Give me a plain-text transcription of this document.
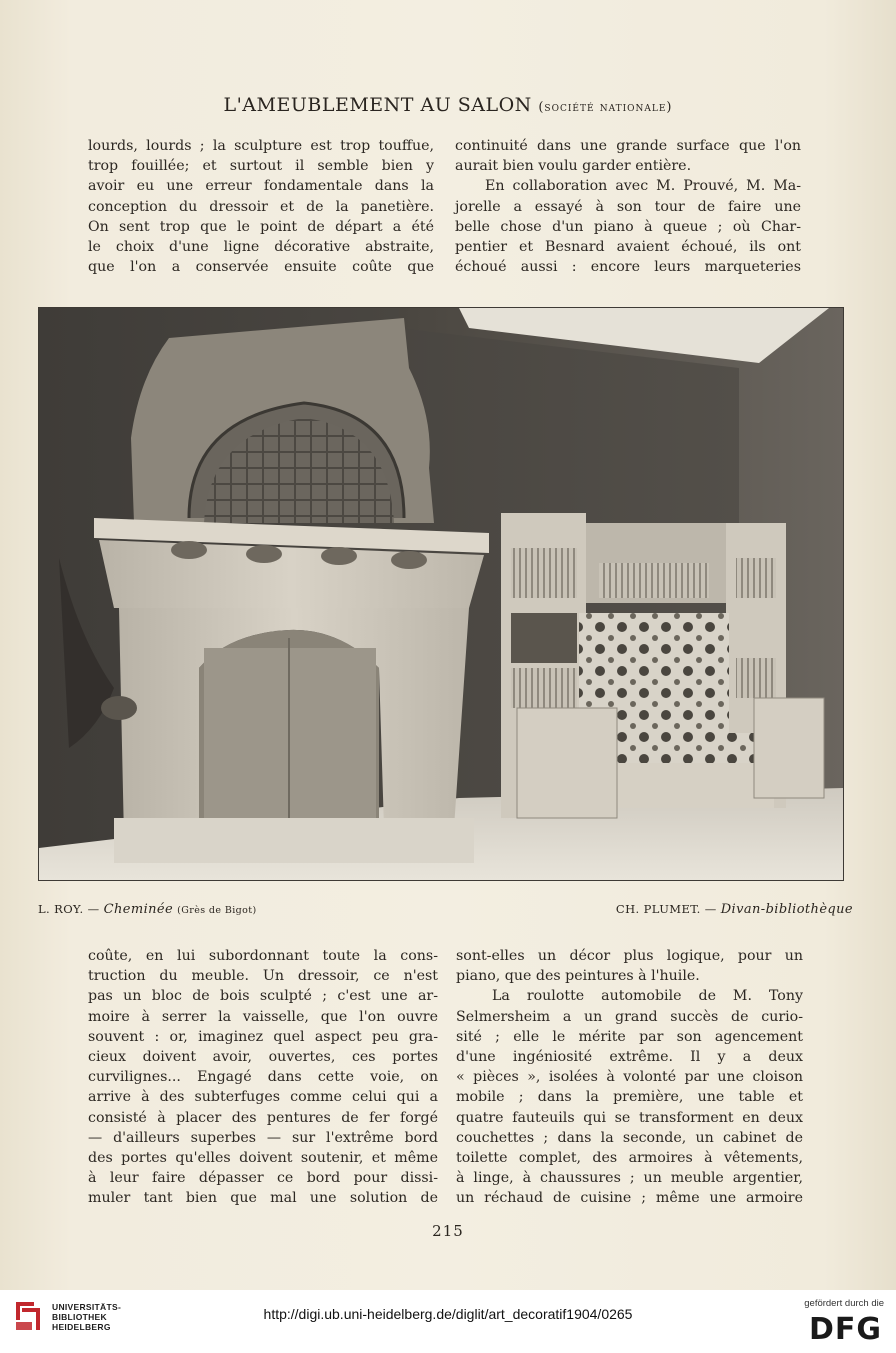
L'AMEUBLEMENT AU SALON (société nationale)
lourds, lourds ; la sculpture est trop touffue,
trop fouillée; et surtout il semble bien y
avoir eu une erreur fondamentale dans la
conception du dressoir et de la panetière.
On sent trop que le point de départ a été
le choix d'une ligne décorative abstraite,
que l'on a conservée ensuite coûte que
continuité dans une grande surface que l'on
aurait bien voulu garder entière.
En collaboration avec M. Prouvé, M. Ma-
jorelle a essayé à son tour de faire une
belle chose d'un piano à queue ; où Char-
pentier et Besnard avaient échoué, ils ont
échoué aussi : encore leurs marqueteries
L. ROY. — Cheminée (Grès de Bigot)	CH. PLUMET. — Divan-bibliothèque
coûte, en lui subordonnant toute la cons-
truction du meuble. Un dressoir, ce n'est
pas un bloc de bois sculpté ; c'est une ar-
moire à serrer la vaisselle, que l'on ouvre
souvent : or, imaginez quel aspect peu gra-
cieux doivent avoir, ouvertes, ces portes
curvilignes... Engagé dans cette voie, on
arrive à des subterfuges comme celui qui a
consisté à placer des pentures de fer forgé
— d'ailleurs superbes — sur l'extrême bord
des portes qu'elles doivent soutenir, et même
à leur faire dépasser ce bord pour dissi-
muler tant bien que mal une solution de
sont-elles un décor plus logique, pour un
piano, que des peintures à l'huile.
La roulotte automobile de M. Tony
Selmersheim a un grand succès de curio-
sité ; elle le mérite par son agencement
d'une ingéniosité extrême. Il y a deux
« pièces », isolées à volonté par une cloison
mobile ; dans la première, une table et
quatre fauteuils qui se transforment en deux
couchettes ; dans la seconde, un cabinet de
toilette complet, des armoires à vêtements,
à linge, à chaussures ; un meuble argentier,
un réchaud de cuisine ; même une armoire
215
UNIVERSITÄTS-
BIBLIOTHEK
HEIDELBERG
http://digi.ub.uni-heidelberg.de/diglit/art_decoratif1904/0265
gefördert durch die
DFG
